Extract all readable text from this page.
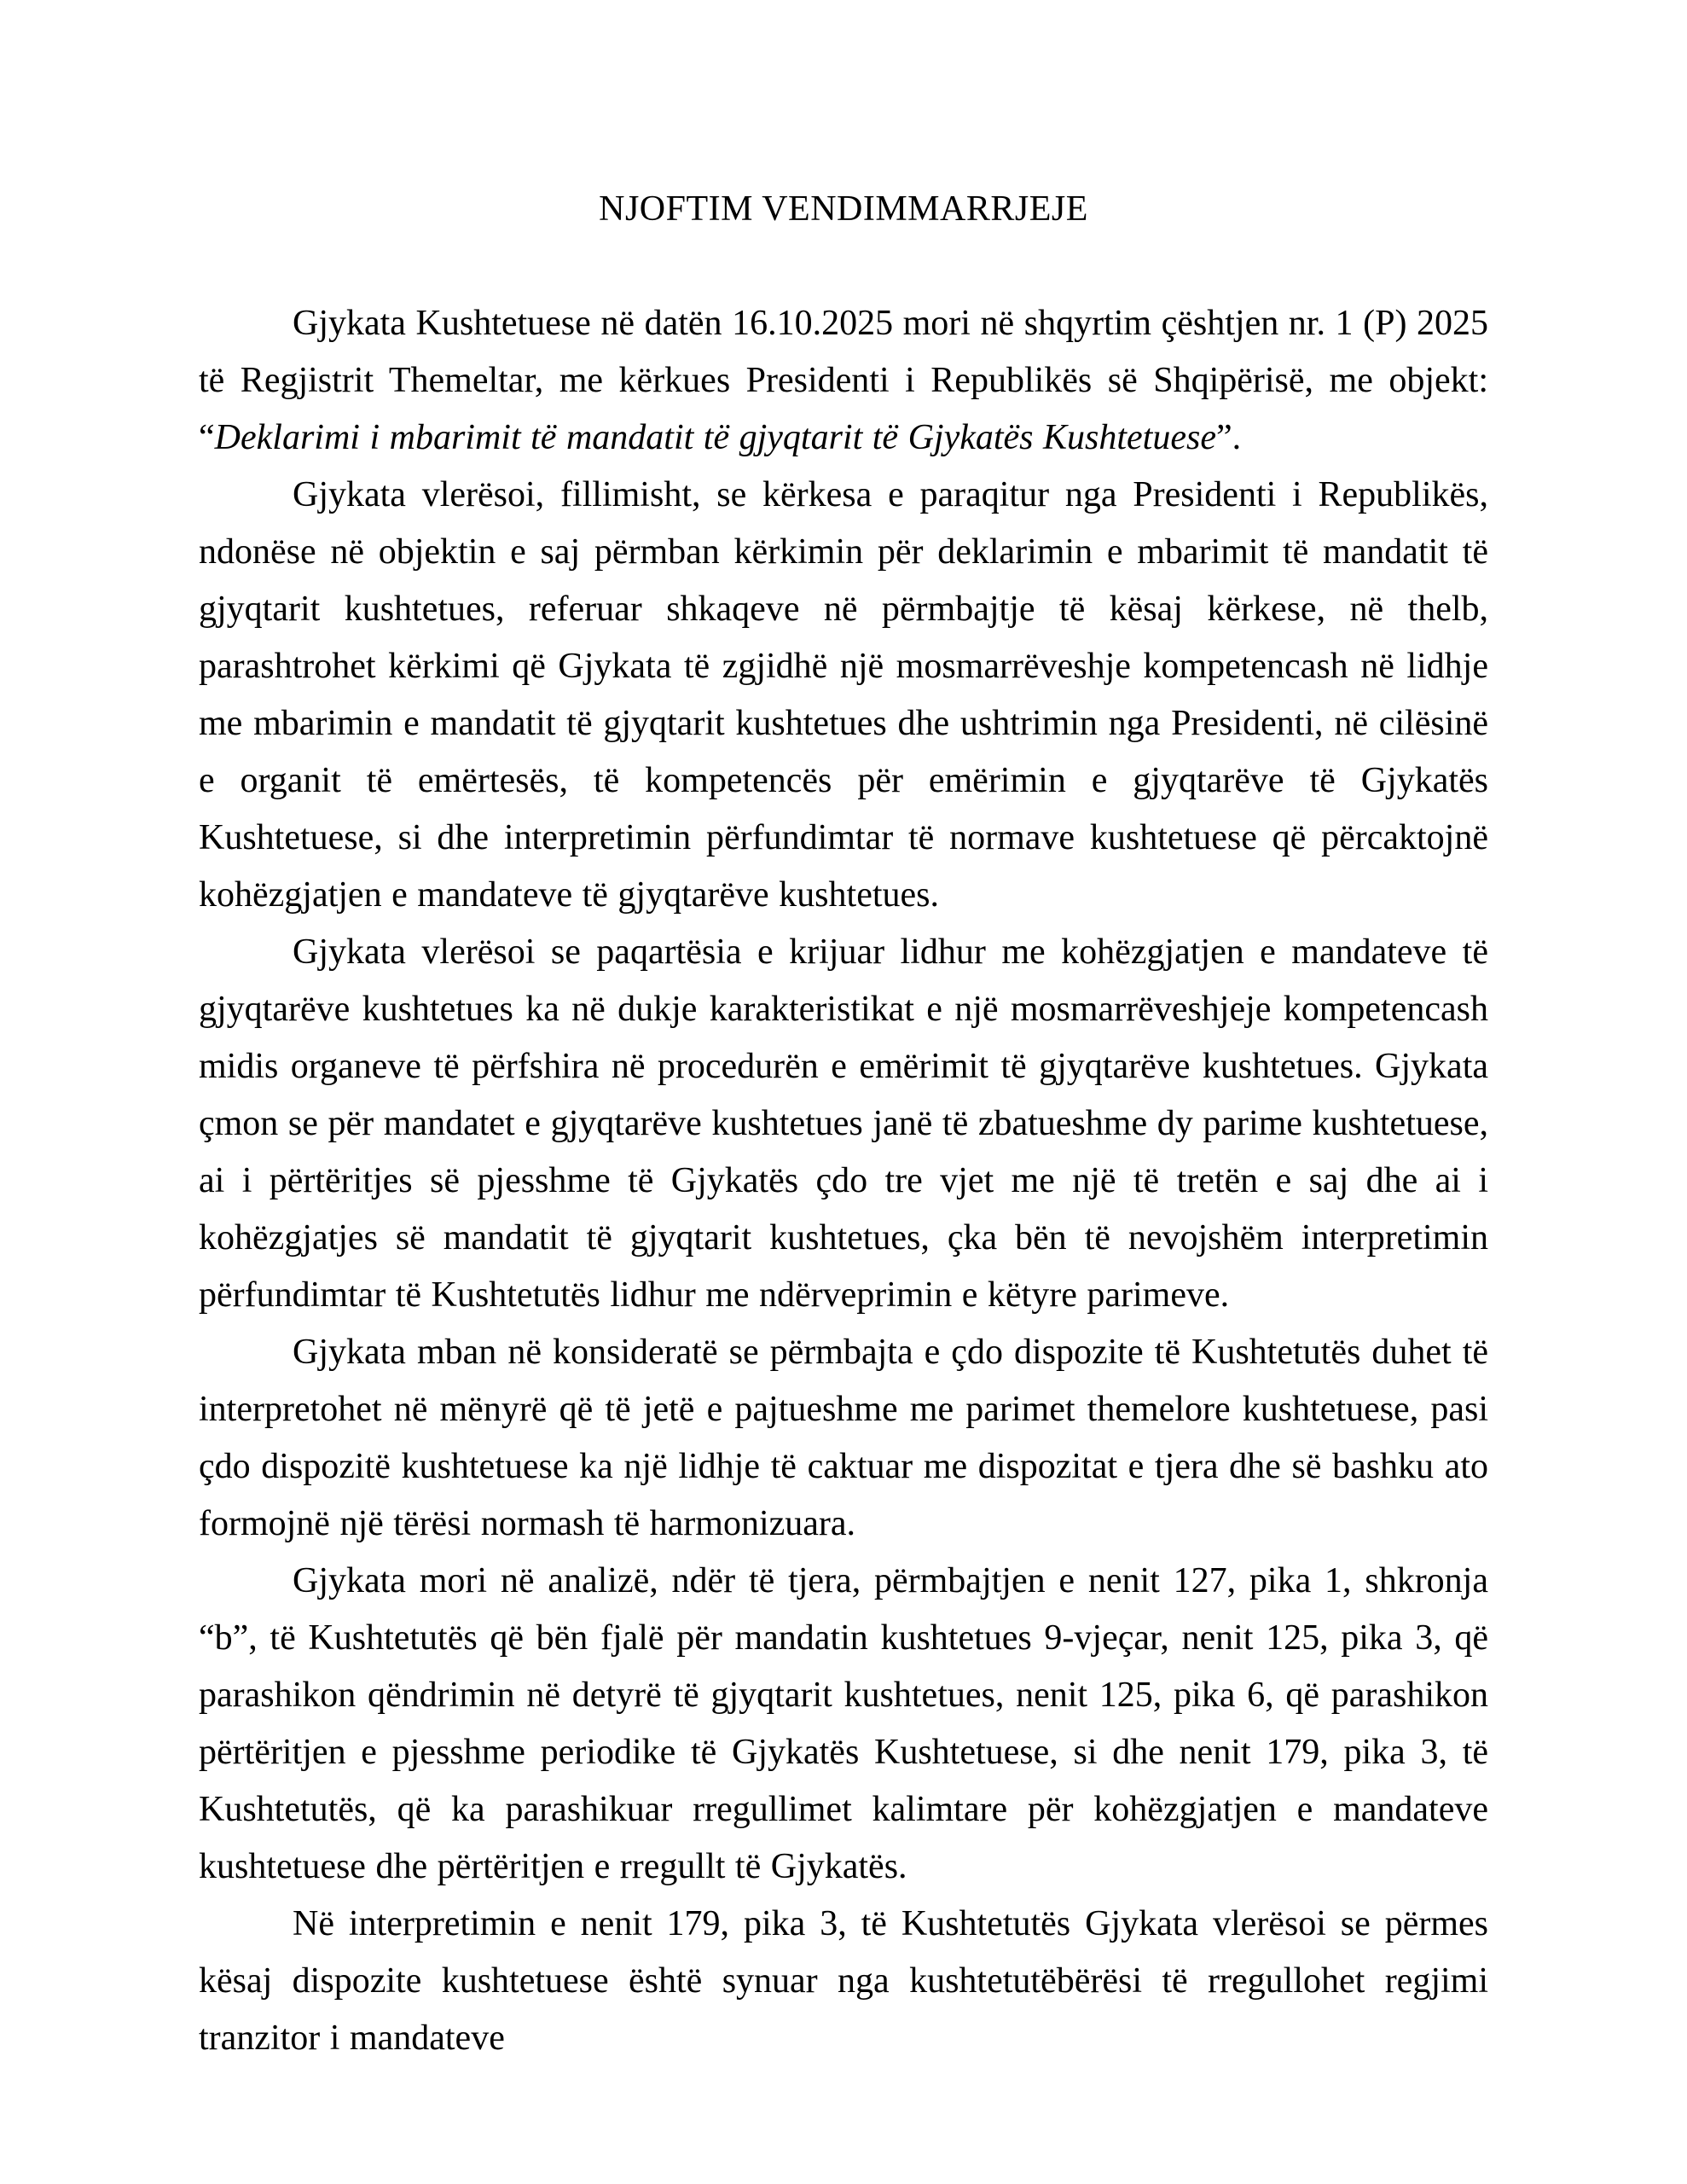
NJOFTIM VENDIMMARRJEJE

Gjykata Kushtetuese në datën 16.10.2025 mori në shqyrtim çështjen nr. 1 (P) 2025 të Regjistrit Themeltar, me kërkues Presidenti i Republikës së Shqipërisë, me objekt: “Deklarimi i mbarimit të mandatit të gjyqtarit të Gjykatës Kushtetuese”.

Gjykata vlerësoi, fillimisht, se kërkesa e paraqitur nga Presidenti i Republikës, ndonëse në objektin e saj përmban kërkimin për deklarimin e mbarimit të mandatit të gjyqtarit kushtetues, referuar shkaqeve në përmbajtje të kësaj kërkese, në thelb, parashtrohet kërkimi që Gjykata të zgjidhë një mosmarrëveshje kompetencash në lidhje me mbarimin e mandatit të gjyqtarit kushtetues dhe ushtrimin nga Presidenti, në cilësinë e organit të emërtesës, të kompetencës për emërimin e gjyqtarëve të Gjykatës Kushtetuese, si dhe interpretimin përfundimtar të normave kushtetuese që përcaktojnë kohëzgjatjen e mandateve të gjyqtarëve kushtetues.

Gjykata vlerësoi se paqartësia e krijuar lidhur me kohëzgjatjen e mandateve të gjyqtarëve kushtetues ka në dukje karakteristikat e një mosmarrëveshjeje kompetencash midis organeve të përfshira në procedurën e emërimit të gjyqtarëve kushtetues. Gjykata çmon se për mandatet e gjyqtarëve kushtetues janë të zbatueshme dy parime kushtetuese, ai i përtëritjes së pjesshme të Gjykatës çdo tre vjet me një të tretën e saj dhe ai i kohëzgjatjes së mandatit të gjyqtarit kushtetues, çka bën të nevojshëm interpretimin përfundimtar të Kushtetutës lidhur me ndërveprimin e këtyre parimeve.

Gjykata mban në konsideratë se përmbajta e çdo dispozite të Kushtetutës duhet të interpretohet në mënyrë që të jetë e pajtueshme me parimet themelore kushtetuese, pasi çdo dispozitë kushtetuese ka një lidhje të caktuar me dispozitat e tjera dhe së bashku ato formojnë një tërësi normash të harmonizuara.

Gjykata mori në analizë, ndër të tjera, përmbajtjen e nenit 127, pika 1, shkronja “b”, të Kushtetutës që bën fjalë për mandatin kushtetues 9-vjeçar, nenit 125, pika 3, që parashikon qëndrimin në detyrë të gjyqtarit kushtetues, nenit 125, pika 6, që parashikon përtëritjen e pjesshme periodike të Gjykatës Kushtetuese, si dhe nenit 179, pika 3, të Kushtetutës, që ka parashikuar rregullimet kalimtare për kohëzgjatjen e mandateve kushtetuese dhe përtëritjen e rregullt të Gjykatës.

Në interpretimin e nenit 179, pika 3, të Kushtetutës Gjykata vlerësoi se përmes kësaj dispozite kushtetuese është synuar nga kushtetutëbërësi të rregullohet regjimi tranzitor i mandateve
